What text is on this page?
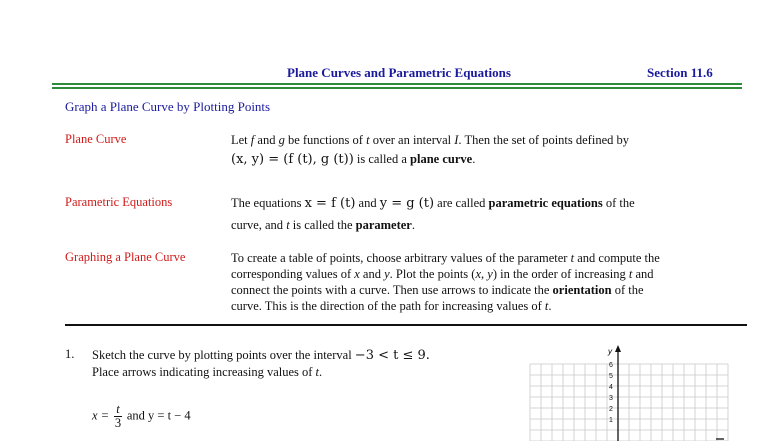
Plane Curves and Parametric Equations	Section 11.6
Graph a Plane Curve by Plotting Points
Plane Curve	Let f and g be functions of t over an interval I. Then the set of points defined by
(x, y) = (f (t), g (t)) is called a plane curve.
Parametric Equations	The equations x = f (t) and y = g (t) are called parametric equations of the
curve, and t is called the parameter.
Graphing a Plane Curve	To create a table of points, choose arbitrary values of the parameter t and compute the
corresponding values of x and y. Plot the points (x, y) in the order of increasing t and
connect the points with a curve. Then use arrows to indicate the orientation of the
curve. This is the direction of the path for increasing values of t.
1. Sketch the curve by plotting points over the interval −3 < t ≤ 9.
Place arrows indicating increasing values of t.
$x = \frac{t}{3}$ and y = t − 4
y
6
5
4
3
2
1
